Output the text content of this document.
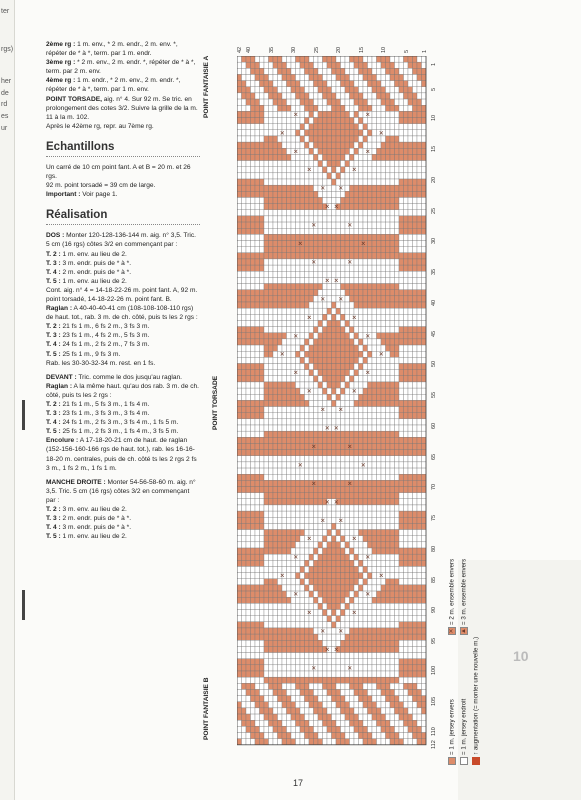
ter
rgs)
her
de
rd
es
ur

2ème rg : 1 m. env., * 2 m. endr., 2 m. env. *, répéter de * à *, term. par 1 m. endr.

3ème rg : * 2 m. env., 2 m. endr. *, répéter de * à *, term. par 2 m. env.

4ème rg : 1 m. endr., * 2 m. env., 2 m. endr. *, répéter de * à *, term. par 1 m. env.

POINT TORSADE, aig. n° 4. Sur 92 m. Se tric. en prolongement des cotes 3/2. Suivre la grille de la m. 11 à la m. 102.

Après le 42ème rg, repr. au 7ème rg.

Echantillons

Un carré de 10 cm point fant. A et B = 20 m. et 26 rgs.

92 m. point torsadé = 39 cm de large.

Important : Voir page 1.

Réalisation

DOS : Monter 120-128-136-144 m. aig. n° 3,5. Tric. 5 cm (16 rgs) côtes 3/2 en commençant par :

T. 2 : 1 m. env. au lieu de 2.

T. 3 : 3 m. endr. puis de * à *.

T. 4 : 2 m. endr. puis de * à *.

T. 5 : 1 m. env. au lieu de 2.

Cont. aig. n° 4 = 14-18-22-26 m. point fant. A, 92 m. point torsadé, 14-18-22-26 m. point fant. B.

Raglan : A 40-40-40-41 cm (108-108-108-110 rgs) de haut. tot., rab. 3 m. de ch. côté, puis ts les 2 rgs :

T. 2 : 21 fs 1 m., 6 fs 2 m., 3 fs 3 m.

T. 3 : 23 fs 1 m., 4 fs 2 m., 5 fs 3 m.

T. 4 : 24 fs 1 m., 2 fs 2 m., 7 fs 3 m.

T. 5 : 25 fs 1 m., 9 fs 3 m.

Rab. les 30-30-32-34 m. rest. en 1 fs.

DEVANT : Tric. comme le dos jusqu'au raglan.

Raglan : A la même haut. qu'au dos rab. 3 m. de ch. côté, puis ts les 2 rgs :

T. 2 : 21 fs 1 m., 5 fs 3 m., 1 fs 4 m.

T. 3 : 23 fs 1 m., 3 fs 3 m., 3 fs 4 m.

T. 4 : 24 fs 1 m., 2 fs 3 m., 3 fs 4 m., 1 fs 5 m.

T. 5 : 25 fs 1 m., 2 fs 3 m., 1 fs 4 m., 3 fs 5 m.

Encolure : A 17-18-20-21 cm de haut. de raglan (152-156-160-166 rgs de haut. tot.), rab. les 16-16-18-20 m. centrales, puis de ch. côté ts les 2 rgs 2 fs 3 m., 1 fs 2 m., 1 fs 1 m.

MANCHE DROITE : Monter 54-56-58-60 m. aig. n° 3,5. Tric. 5 cm (16 rgs) côtes 3/2 en commençant par :

T. 2 : 3 m. env. au lieu de 2.

T. 3 : 2 m. endr. puis de * à *.

T. 4 : 3 m. endr. puis de * à *.

T. 5 : 1 m. env. au lieu de 2.

POINT FANTAISIE A
POINT TORSADE
POINT FANTAISIE B
✕	✕
✕	✕
✕	✕
✕	✕
✕ ✕
✕
✕
✕
✕
✕
✕
✕
✕
✕
✕
✕ ✕
✕	✕
✕	✕
✕	✕
✕	✕
✕	✕
✕ ✕
✕
✕
✕
✕
✕
✕
✕
✕
✕
✕
✕ ✕
✕	✕
✕	✕
✕	✕
✕	✕
✕	✕
✕ ✕
✕
✕
✕
✕
1
5
10
15
20
25
30
35
40
45
50
55
60
65
70
75
80
85
90
95
100
105
110
112
42 40	35	30	25	20	15	10	5 1
10
= 1 m. jersey envers = 1 m. jersey endroit ↑ augmentation (= monter une nouvelle m.)
✕= 2 m. ensemble envers
▲= 3 m. ensemble envers
17
